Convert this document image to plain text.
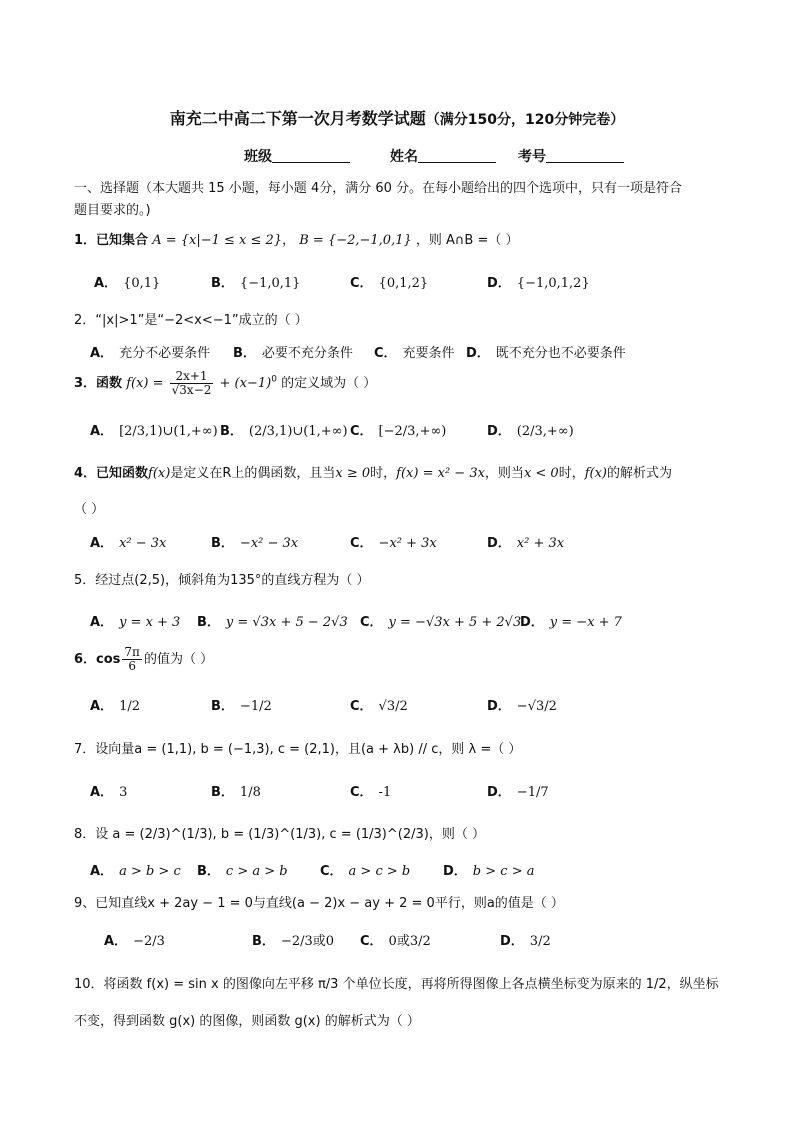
南充二中高二下第一次月考数学试题（满分150分，120分钟完卷）
班级	姓名	考号
一、选择题（本大题共 15 小题，每小题 4分，满分 60 分。在每小题给出的四个选项中，只有一项是符合
题目要求的。)
1．已知集合 A = {x|−1 ≤ x ≤ 2}， B = {−2,−1,0,1} ，则 A∩B =（ ）
A． {0,1}	B． {−1,0,1}	C． {0,1,2}	D． {−1,0,1,2}
2．“|x|>1”是“−2<x<−1”成立的（ ）
A． 充分不必要条件 B． 必要不充分条件 C． 充要条件 D． 既不充分也不必要条件
3．函数 $f(x) = \frac{2x+1}{√3x-2} + (x-1)^0$ 的定义域为（ ）
A． [2/3,1)∪(1,+∞) B． (2/3,1)∪(1,+∞) C． [−2/3,+∞)	D． (2/3,+∞)
4．已知函数f(x)是定义在R上的偶函数，且当x ≥ 0时，f(x) = x² − 3x，则当x < 0时，f(x)的解析式为
（ ）
A． x² − 3x	B． −x² − 3x	C． −x² + 3x	D． x² + 3x
5．经过点(2,5)，倾斜角为135°的直线方程为（ ）
A． y = x + 3 B． y = √3x + 5 − 2√3 C． y = −√3x + 5 + 2√3
D． y = −x + 7
6．$\cos \frac{7\pi}{6}$ 的值为（ ）
A． 1/2	B． −1/2	C． √3/2	D． −√3/2
7．设向量a = (1,1), b = (−1,3), c = (2,1)，且(a + λb) // c，则 λ =（ ）
A． 3	B． 1/8	C． -1	D． −1/7
8．设 a = (2/3)^(1/3), b = (1/3)^(1/3), c = (1/3)^(2/3)，则（ ）
A． a > b > c B． c > a > b C． a > c > b	D． b > c > a
9、已知直线x + 2ay − 1 = 0与直线(a − 2)x − ay + 2 = 0平行，则a的值是（ ）
A． −2/3	B． −2/3或0 C． 0或3/2	D． 3/2
10．将函数 f(x) = sin x 的图像向左平移 π/3 个单位长度，再将所得图像上各点横坐标变为原来的 1/2，纵坐标
不变，得到函数 g(x) 的图像，则函数 g(x) 的解析式为（ ）
